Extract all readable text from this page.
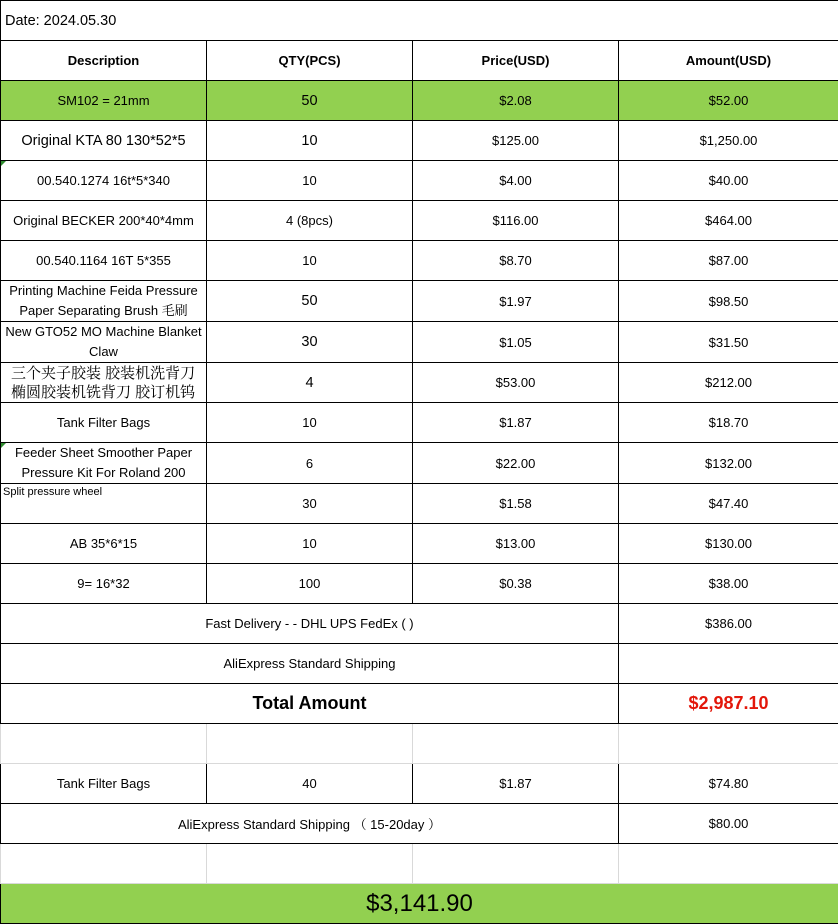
Date: 2024.05.30			
Description	QTY(PCS)	Price(USD)	Amount(USD)
SM102 = 21mm	50	$2.08	$52.00
Original KTA 80 130*52*5	10	$125.00	$1,250.00

00.540.1274 16t*5*340	10	$4.00	$40.00
Original BECKER 200*40*4mm	4 (8pcs)	$116.00	$464.00
00.540.1164 16T 5*355	10	$8.70	$87.00
Printing Machine Feida Pressure Paper Separating Brush 毛刷	50	$1.97	$98.50
New GTO52 MO Machine Blanket Claw	30	$1.05	$31.50
三个夹子胶装 胶装机洗背刀 椭圆胶装机铣背刀 胶订机钨	4	$53.00	$212.00
Tank Filter Bags	10	$1.87	$18.70

Feeder Sheet Smoother Paper Pressure Kit For Roland 200	6	$22.00	$132.00
Split pressure wheel	30	$1.58	$47.40
AB 35*6*15	10	$13.00	$130.00
9= 16*32	100	$0.38	$38.00
Fast Delivery - - DHL UPS FedEx ( )			$386.00
AliExpress Standard Shipping			
Total Amount			$2,987.10

Tank Filter Bags	40	$1.87	$74.80
AliExpress Standard Shipping （ 15-20day ）			$80.00

$3,141.90			
